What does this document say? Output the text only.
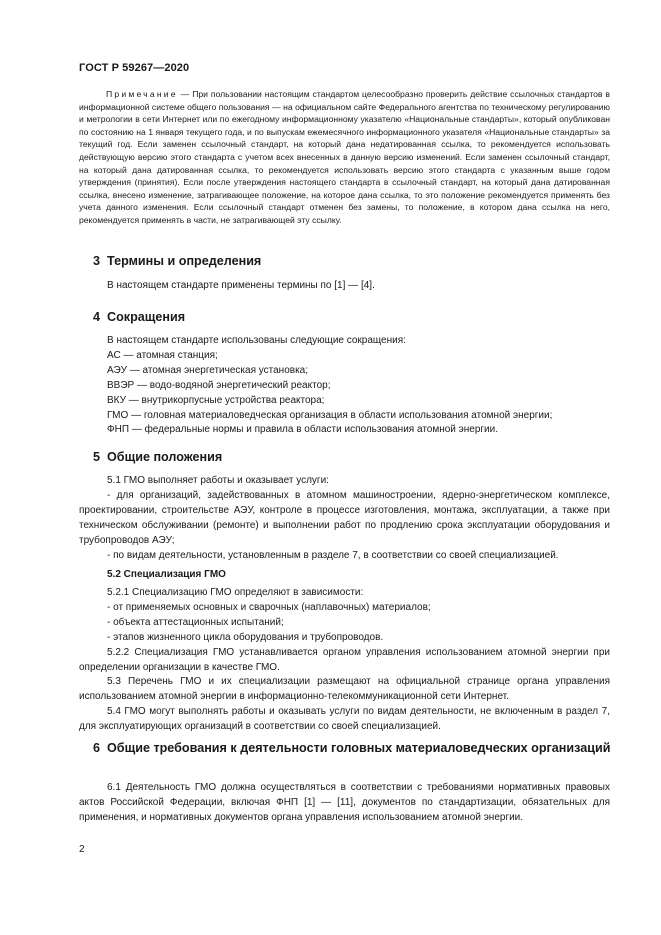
ГОСТ Р 59267—2020

Примечание — При пользовании настоящим стандартом целесообразно проверить действие ссылочных стандартов в информационной системе общего пользования — на официальном сайте Федерального агентства по техническому регулированию и метрологии в сети Интернет или по ежегодному информационному указателю «Национальные стандарты», который опубликован по состоянию на 1 января текущего года, и по выпускам ежемесячного информационного указателя «Национальные стандарты» за текущий год. Если заменен ссылочный стандарт, на который дана недатированная ссылка, то рекомендуется использовать действующую версию этого стандарта с учетом всех внесенных в данную версию изменений. Если заменен ссылочный стандарт, на который дана датированная ссылка, то рекомендуется использовать версию этого стандарта с указанным выше годом утверждения (принятия). Если после утверждения настоящего стандарта в ссылочный стандарт, на который дана датированная ссылка, внесено изменение, затрагивающее положение, на которое дана ссылка, то это положение рекомендуется применять без учета данного изменения. Если ссылочный стандарт отменен без замены, то положение, в котором дана ссылка на него, рекомендуется применять в части, не затрагивающей эту ссылку.

3 Термины и определения

В настоящем стандарте применены термины по [1] — [4].

4 Сокращения

В настоящем стандарте использованы следующие сокращения:

АС — атомная станция;

АЭУ — атомная энергетическая установка;

ВВЭР — водо-водяной энергетический реактор;

ВКУ — внутрикорпусные устройства реактора;

ГМО — головная материаловедческая организация в области использования атомной энергии;

ФНП — федеральные нормы и правила в области использования атомной энергии.

5 Общие положения

5.1 ГМО выполняет работы и оказывает услуги:

- для организаций, задействованных в атомном машиностроении, ядерно-энергетическом комплексе, проектировании, строительстве АЭУ, контроле в процессе изготовления, монтажа, эксплуатации, а также при техническом обслуживании (ремонте) и выполнении работ по продлению срока эксплуатации оборудования и трубопроводов АЭУ;

- по видам деятельности, установленным в разделе 7, в соответствии со своей специализацией.

5.2 Специализация ГМО

5.2.1 Специализацию ГМО определяют в зависимости:

- от применяемых основных и сварочных (наплавочных) материалов;

- объекта аттестационных испытаний;

- этапов жизненного цикла оборудования и трубопроводов.

5.2.2 Специализация ГМО устанавливается органом управления использованием атомной энергии при определении организации в качестве ГМО.

5.3 Перечень ГМО и их специализации размещают на официальной странице органа управления использованием атомной энергии в информационно-телекоммуникационной сети Интернет.

5.4 ГМО могут выполнять работы и оказывать услуги по видам деятельности, не включенным в раздел 7, для эксплуатирующих организаций в соответствии со своей специализацией.

6 Общие требования к деятельности головных материаловедческих организаций

6.1 Деятельность ГМО должна осуществляться в соответствии с требованиями нормативных правовых актов Российской Федерации, включая ФНП [1] — [11], документов по стандартизации, обязательных для применения, и нормативных документов органа управления использованием атомной энергии.

2
